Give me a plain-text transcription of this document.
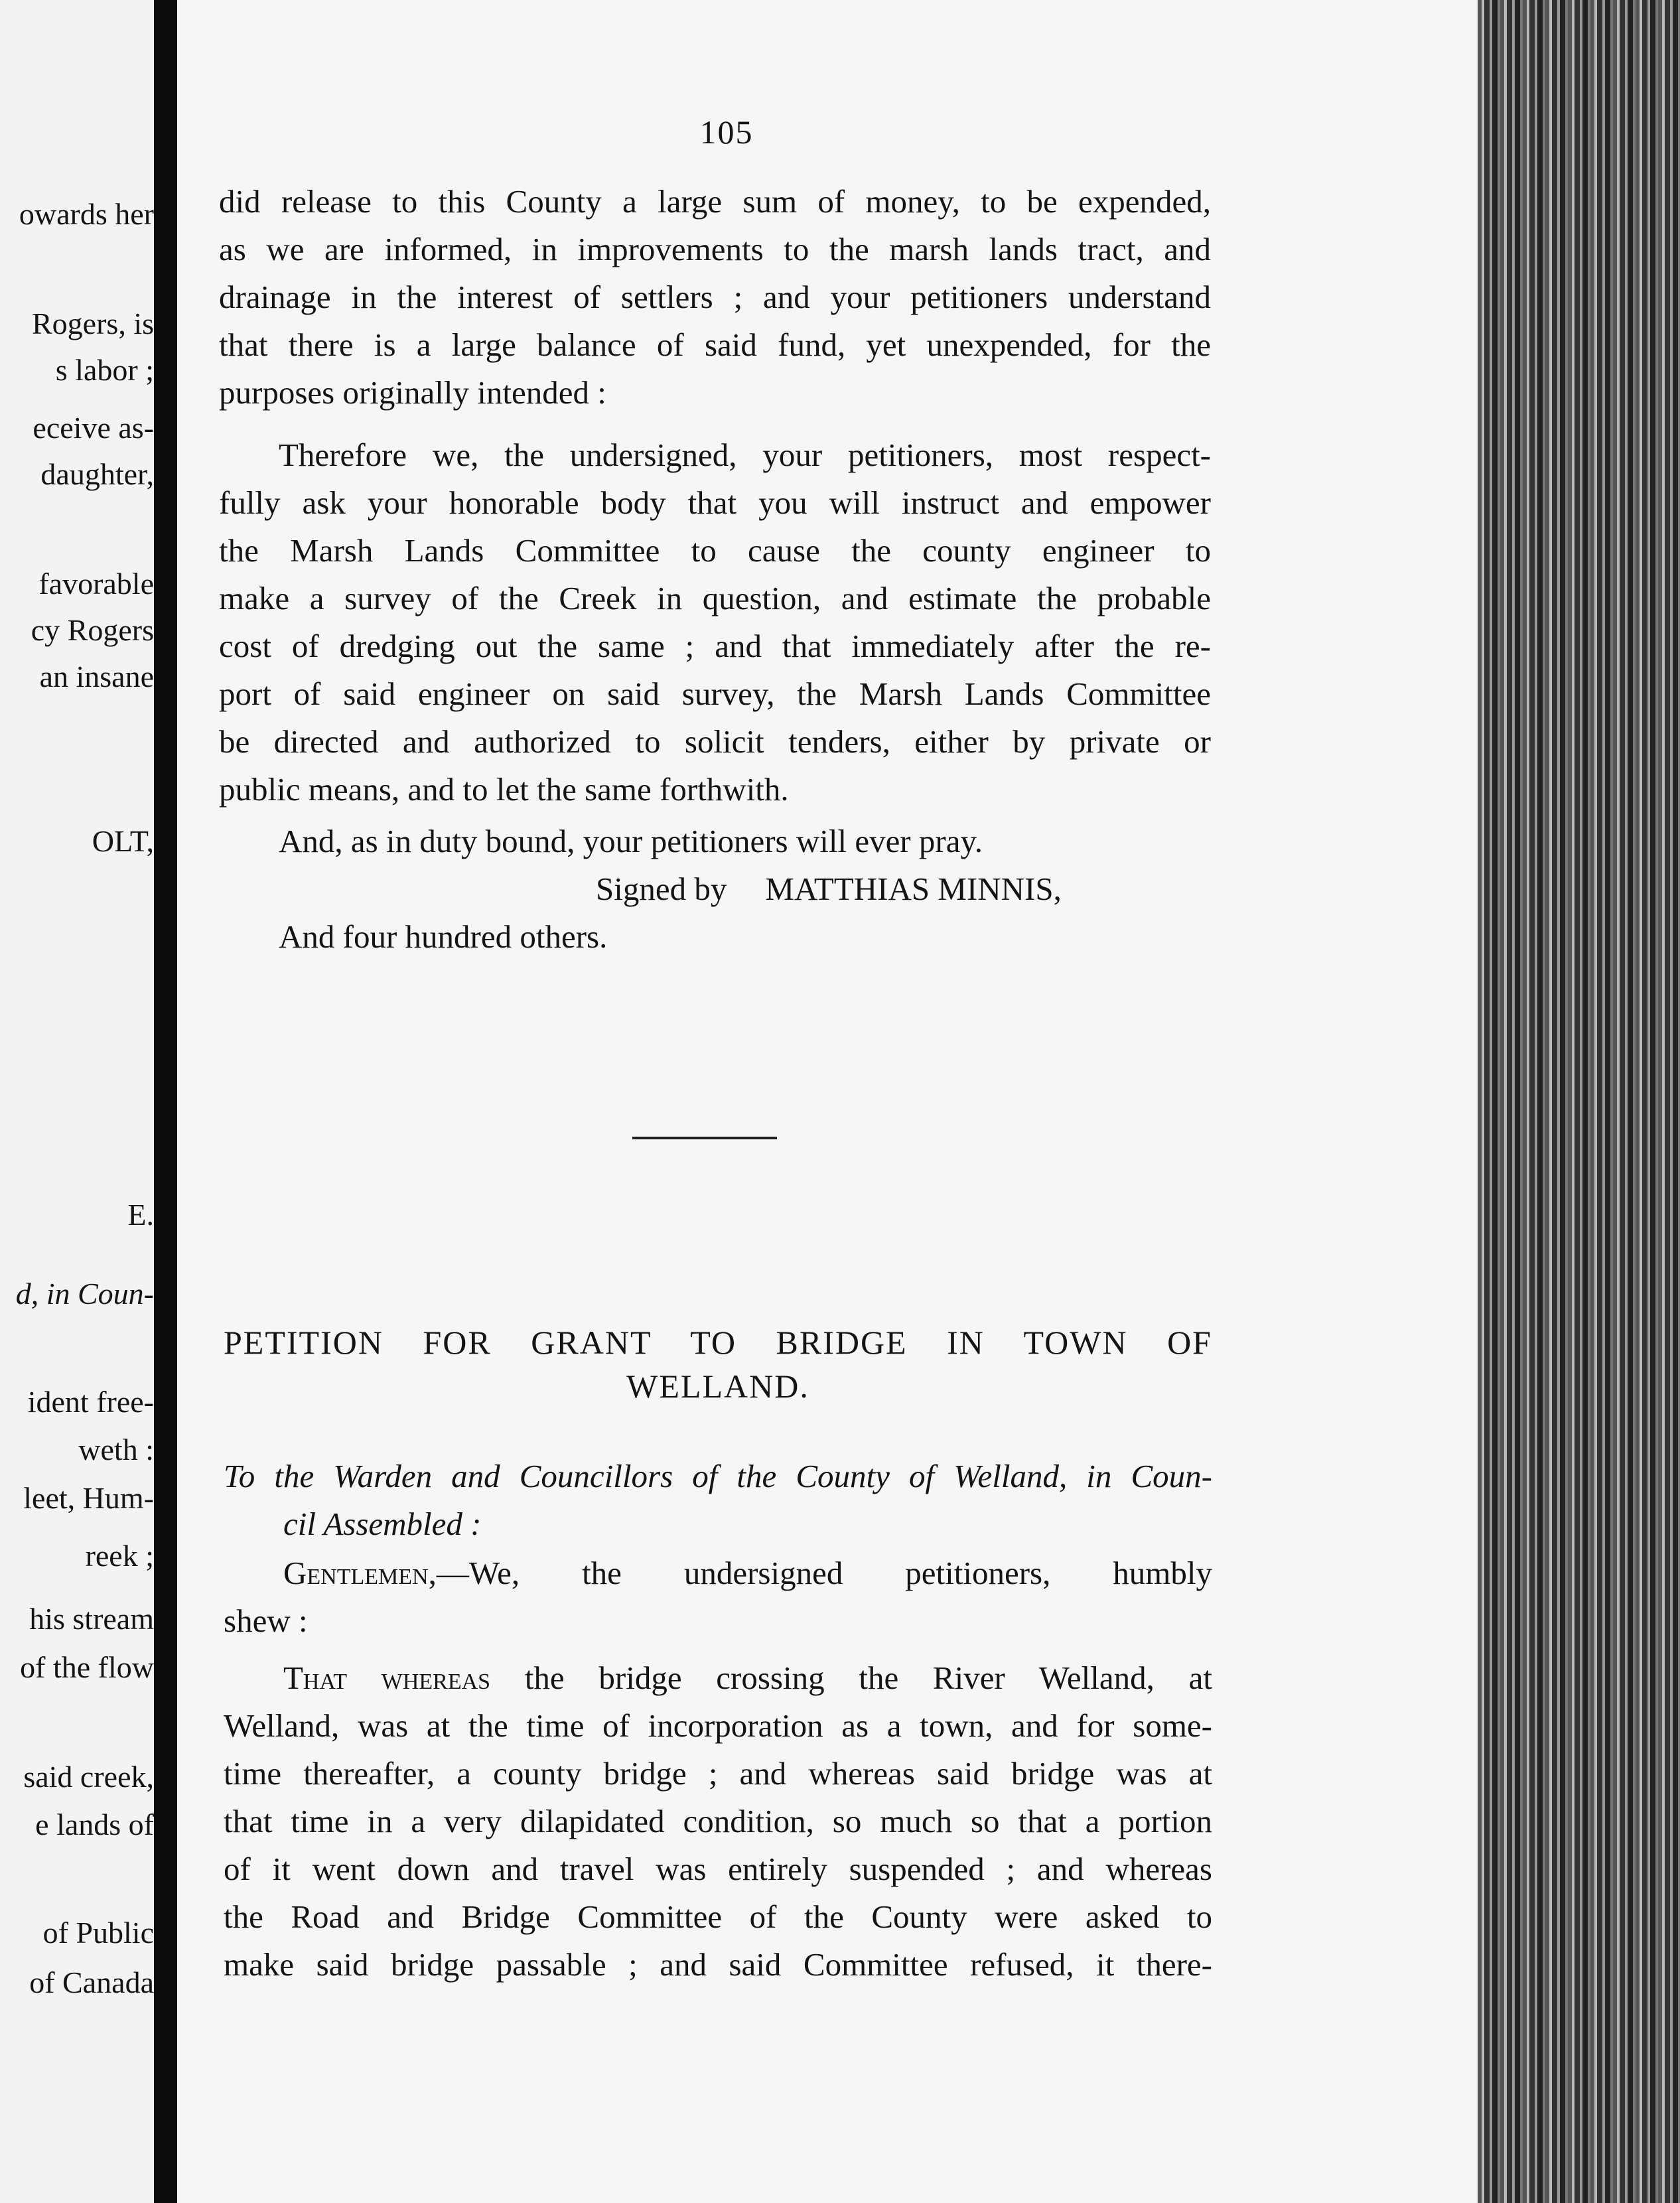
owards her
Rogers, is
s labor ;
eceive as-
daughter,
favorable
cy Rogers
an insane
OLT,
E.
d, in Coun-
ident free-
weth :
leet, Hum-
reek ;
his stream
of the flow
said creek,
e lands of
of Public
of Canada
105
did release to this County a large sum of money, to be expended,
as we are informed, in improvements to the marsh lands tract, and
drainage in the interest of settlers ; and your petitioners understand
that there is a large balance of said fund, yet unexpended, for the
purposes originally intended :
Therefore we, the undersigned, your petitioners, most respect-
fully ask your honorable body that you will instruct and empower
the Marsh Lands Committee to cause the county engineer to
make a survey of the Creek in question, and estimate the probable
cost of dredging out the same ; and that immediately after the re-
port of said engineer on said survey, the Marsh Lands Committee
be directed and authorized to solicit tenders, either by private or
public means, and to let the same forthwith.
And, as in duty bound, your petitioners will ever pray.
Signed by MATTHIAS MINNIS,
And four hundred others.
PETITION FOR GRANT TO BRIDGE IN TOWN OF
WELLAND.
To the Warden and Councillors of the County of Welland, in Coun-
cil Assembled :
Gentlemen,—We, the undersigned petitioners, humbly
shew :
That whereas the bridge crossing the River Welland, at
Welland, was at the time of incorporation as a town, and for some-
time thereafter, a county bridge ; and whereas said bridge was at
that time in a very dilapidated condition, so much so that a portion
of it went down and travel was entirely suspended ; and whereas
the Road and Bridge Committee of the County were asked to
make said bridge passable ; and said Committee refused, it there-
